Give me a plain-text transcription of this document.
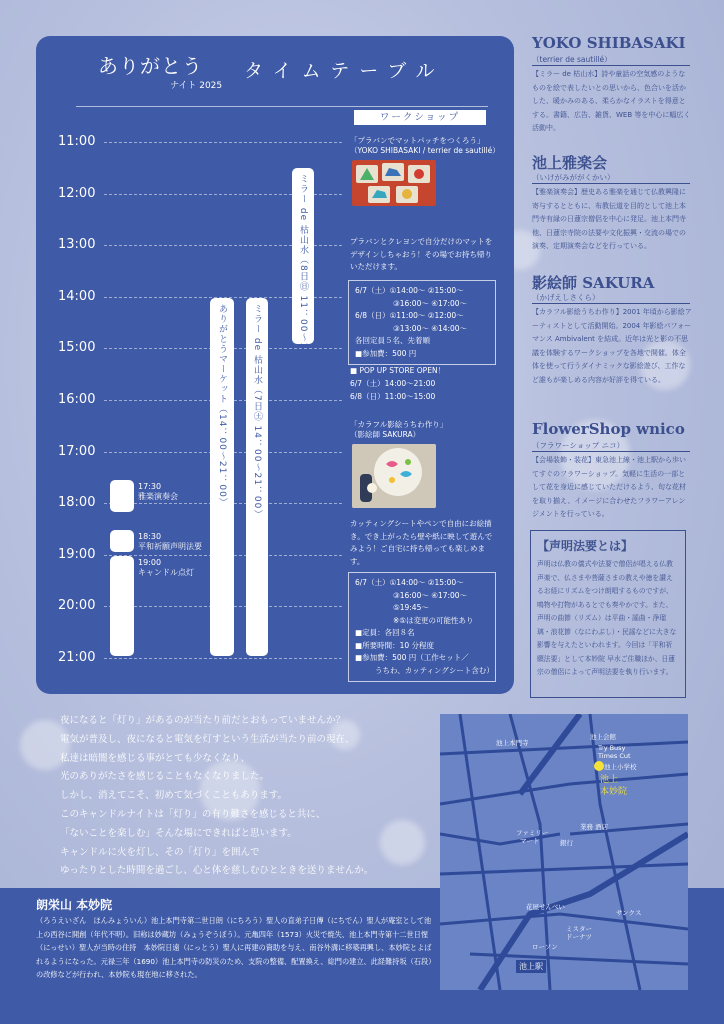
ありがとう
ナイト 2025
タイムテーブル
11:00
12:00
13:00
14:00
15:00
16:00
17:00
18:00
19:00
20:00
21:00
ミラー de 枯山水（8日㊐ 11：00～15：00）
ありがとうマーケット（14：00～21：00）	ミラー de 枯山水（7日㊏ 14：00～21：00）
17:30
雅楽演奏会
18:30
平和祈願声明法要
19:00
キャンドル点灯
ワークショップ
「プラバンでマットパッチをつくろう」
（YOKO SHIBASAKI / terrier de sautillé）
プラバンとクレヨンで自分だけのマットをデザインしちゃおう！その場でお持ち帰りいただけます。
6/7（土）①14:00～ ②15:00～
③16:00～ ④17:00～
6/8（日）①11:00～ ②12:00～
③13:00～ ④14:00～
各回定員５名、先着順
■参加費：500 円
■ POP UP STORE OPEN！
6/7（土）14:00～21:00
6/8（日）11:00～15:00
「カラフル影絵うちわ作り」
（影絵師 SAKURA）
カッティングシートやペンで自由にお絵描き。でき上がったら壁や紙に映して遊んでみよう！ご自宅に持ち帰っても楽しめます。
6/7（土）①14:00～ ②15:00～
③16:00～ ④17:00～
⑤19:45～
※⑤は変更の可能性あり
■定員：各回８名
■所要時間：10 分程度
■参加費：500 円（工作セット／
うちわ、カッティングシート含む）
YOKO SHIBASAKI
（terrier de sautillé）
【ミラー de 枯山水】詩や童話の空気感のようなものを絵で表したいとの思いから、色合いを活かした、暖かみのある、柔らかなイラストを得意とする。書籍、広告、雑貨、WEB 等を中心に幅広く活動中。
池上雅楽会
（いけがみががくかい）
【雅楽演奏会】歴史ある雅楽を通じて仏教興隆に寄与するとともに、布教伝道を目的として池上本門寺有縁の日蓮宗僧侶を中心に発足。池上本門寺他、日蓮宗寺院の法要や文化振興・交流の場での演奏、定期演奏会などを行っている。
影絵師 SAKURA
（かげえしさくら）
【カラフル影絵うちわ作り】2001 年頃から影絵アーティストとして活動開始。2004 年影絵パフォーマンス Ambivalent を結成。近年は光と影の不思議を体験するワークショップを各地で開催。体全体を使って行うダイナミックな影絵遊び、工作など誰もが楽しめる内容が好評を得ている。
FlowerShop wnico
（フラワーショップ ニコ）
【会場装飾・装花】東急池上線・池上駅から歩いてすぐのフラワーショップ。気軽に生活の一部として花を身近に感じていただけるよう、旬な花材を取り揃え、イメージに合わせたフラワーアレンジメントを行っている。
【声明法要とは】
声明は仏教の儀式や法要で僧侶が唱える仏教声楽で、仏さまや菩薩さまの教えや徳を讃えるお経にリズムをつけ朗唱するものですが、鳴物や打物があるとでも奏やかです。また、声明の曲節（リズム）は平曲・謡曲・浄瑠璃・浪花節（なにわぶし）・民謡などに大きな影響を与えたといわれます。今回は「平和祈願法要」として本妙院 早水ご住職ほか、日蓮宗の僧侶によって声明法要を執り行います。
夜になると「灯り」があるのが当たり前だとおもっていませんか？
電気が普及し、夜になると電気を灯すという生活が当たり前の現在、
私達は暗闇を感じる事がとても少なくなり、
光のありがたさを感じることもなくなりました。
しかし、消えてこそ、初めて気づくこともあります。
このキャンドルナイトは「灯り」の有り難さを感じると共に、
「ないことを楽しむ」そんな場にできればと思います。
キャンドルに火を灯し、その「灯り」を囲んで
ゆったりとした時間を過ごし、心と体を慈しむひとときを送りませんか。
朗栄山 本妙院
（ろうえいざん　ほんみょういん）池上本門寺第二世日朗（にちろう）聖人の直弟子日傳（にちでん）聖人が庵室として池上の西谷に開創（年代不明）。旧称は妙蔵坊（みょうぞうぼう）。元亀四年（1573）火災で焼失、池上本門寺第十二世日惺（にっせい）聖人が当時の住持　本妙院日遠（にっとう）聖人に再建の資助を与え、南谷外溝に移築再興し、本妙院とよばれるようになった。元禄三年（1690）池上本門寺の防災のため、支院の整備、配置換え、総門の建立、此経難持坂（石段）の改修などが行われ、本妙院も現在地に移された。
池上会館
Try Busy
Times Cut
池上本門寺
池上小学校
池上
本妙院
ファミリー
マート	銀行
業務 酒店
花屋せんべい
サンクス
ローソン
ミスター
ドーナツ
池上駅
